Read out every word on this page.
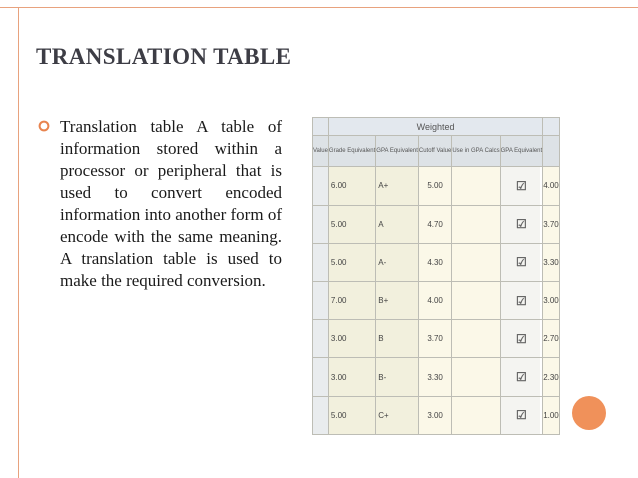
TRANSLATION TABLE
Translation table A table of information stored within a processor or peripheral that is used to convert encoded information into another form of encode with the same meaning. A translation table is used to make the required conversion.
	Weighted					
Value	Grade Equivalent	GPA Equivalent	Cutoff Value	Use in GPA Calcs	GPA Equivalent	
	6.00	A+	5.00		☑	4.00
	5.00	A	4.70		☑	3.70
	5.00	A-	4.30		☑	3.30
	7.00	B+	4.00		☑	3.00
	3.00	B	3.70		☑	2.70
	3.00	B-	3.30		☑	2.30
	5.00	C+	3.00		☑	1.00
